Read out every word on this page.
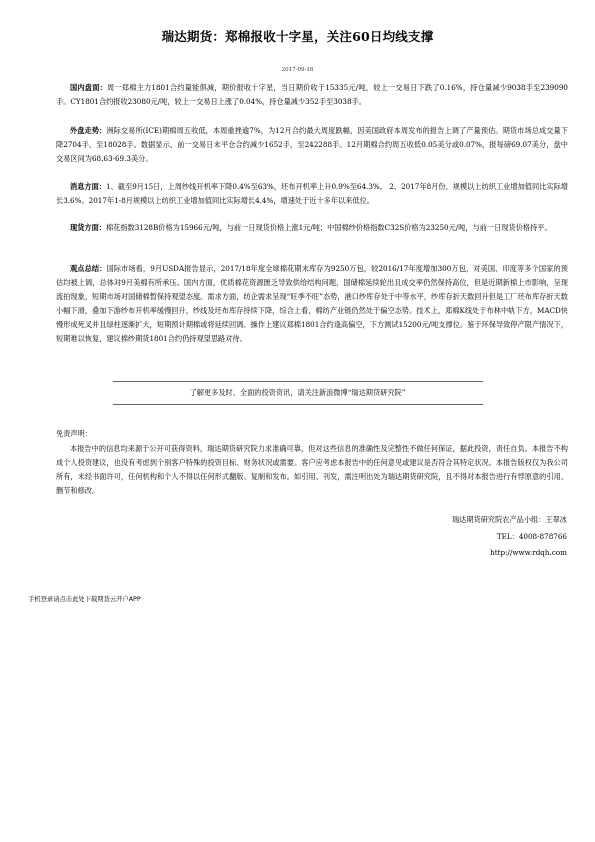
瑞达期货：郑棉报收十字星，关注60日均线支撑
2017-09-18

国内盘面：周一郑棉主力1801合约量能俱减，期价报收十字星，当日期价收于15335元/吨，较上一交易日下跌了0.16%，持仓量减少9038手至239090手。CY1801合约报收23080元/吨，较上一交易日上涨了0.04%，持仓量减少352手至3038手。

外盘走势：洲际交易所(ICE)期棉周五收低，本周重挫逾7%，为12月合约最大周度跌幅，因美国政府本周发布的报告上调了产量预估。期货市场总成交量下降2704手，至18028手。数据显示，前一交易日未平仓合约减少1652手，至242288手。12月期棉合约周五收低0.05美分或0.07%，报每磅69.07美分，盘中交易区间为68.63-69.3美分。

消息方面：1、截至9月15日，上周纱线开机率下降0.4%至63%，坯布开机率上升0.9%至64.3%。 2、2017年8月份，规模以上纺织工业增加值同比实际增长3.6%。2017年1-8月规模以上纺织工业增加值同比实际增长4.4%，增速处于近十多年以来低位。

现货方面：棉花指数3128B价格为15966元/吨，与前一日现货价格上涨1元/吨；中国棉纱价格指数C32S价格为23250元/吨，与前一日现货价格持平。

观点总结：国际市场看，9月USDA报告显示，2017/18年度全球棉花期末库存为9250万包，较2016/17年度增加300万包，对美国、印度等多个国家的预估均被上调，总体对9月美棉有所承压。国内方面，优质棉花资源匮乏导致供给结构问题，国储棉延续轮出且成交率仍然保持高位，但是近期新棉上市影响，呈现流拍现象，短期市场对国储棉暂保持观望态度。需求方面，纺企需求呈现“旺季不旺”态势，港口纱库存处于中等水平，纱库存折天数回升但是工厂坯布库存折天数小幅下滑，叠加下游纱布开机率缓慢回升，纱线及坯布库存持续下降，综合上看，棉纺产业链仍然处于偏空态势。技术上，郑棉K线处于布林中轨下方，MACD快慢形成死叉并且绿柱逐渐扩大，短期预计期棉或将延续回调。操作上建议郑棉1801合约逢高偏空，下方测试15200元/吨支撑位。鉴于环保导致停产限产情况下，短期难以恢复，建议棉纱期货1801合约仍持观望思路对待。

了解更多及时、全面的投资资讯，请关注新浪微博“瑞达期货研究院”
免责声明：

本报告中的信息均来源于公开可获得资料，瑞达期货研究院力求准确可靠，但对这些信息的准确性及完整性不做任何保证，据此投资，责任自负。本报告不构成个人投资建议，也没有考虑到个别客户特殊的投资目标、财务状况或需要。客户应考虑本报告中的任何意见或建议是否符合其特定状况。本报告版权仅为我公司所有，未经书面许可，任何机构和个人不得以任何形式翻版、复制和发布。如引用、刊发，需注明出处为瑞达期货研究院，且不得对本报告进行有悖原意的引用、删节和修改。

瑞达期货研究院农产品小组：王翠冰
TEL：4008-878766
http://www.rdqh.com
手机登录请点击此处下载期货云开户APP
